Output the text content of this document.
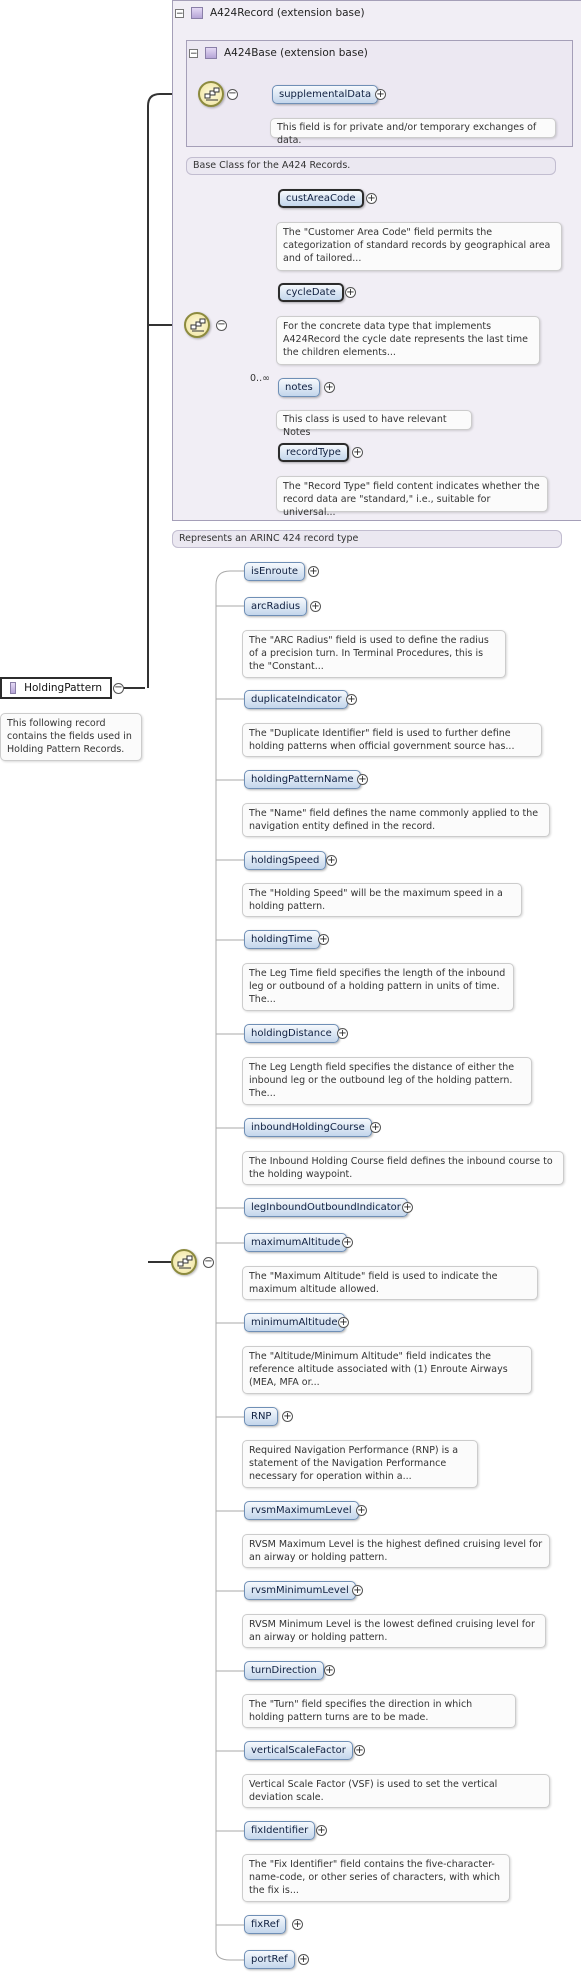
HoldingPattern −
This following record contains the fields used in Holding Pattern Records.
−	A424Record (extension base)
−	A424Base (extension base)
−	supplementalData +
This field is for private and/or temporary exchanges of data.
Base Class for the A424 Records.
−
custAreaCode	+
The "Customer Area Code" field permits the categorization of standard records by geographical area and of tailored...
cycleDate	+
For the concrete data type that implements A424Record the cycle date represents the last time the children elements...
0..∞
notes	+
This class is used to have relevant Notes
recordType	+
The "Record Type" field content indicates whether the record data are "standard," i.e., suitable for universal...
Represents an ARINC 424 record type
−
isEnroute	+
arcRadius	+
The "ARC Radius" field is used to define the radius of a precision turn. In Terminal Procedures, this is the "Constant...
duplicateIndicator +
The "Duplicate Identifier" field is used to further define holding patterns when official government source has...
holdingPatternName +
The "Name" field defines the name commonly applied to the navigation entity defined in the record.
holdingSpeed +
The "Holding Speed" will be the maximum speed in a holding pattern.
holdingTime +
The Leg Time field specifies the length of the inbound leg or outbound of a holding pattern in units of time. The...
holdingDistance +
The Leg Length field specifies the distance of either the inbound leg or the outbound leg of the holding pattern. The...
inboundHoldingCourse +
The Inbound Holding Course field defines the inbound course to the holding waypoint.
legInboundOutboundIndicator +
maximumAltitude +
The "Maximum Altitude" field is used to indicate the maximum altitude allowed.
minimumAltitude +
The "Altitude/Minimum Altitude" field indicates the reference altitude associated with (1) Enroute Airways (MEA, MFA or...
RNP	+
Required Navigation Performance (RNP) is a statement of the Navigation Performance necessary for operation within a...
rvsmMaximumLevel +
RVSM Maximum Level is the highest defined cruising level for an airway or holding pattern.
rvsmMinimumLevel +
RVSM Minimum Level is the lowest defined cruising level for an airway or holding pattern.
turnDirection +
The "Turn" field specifies the direction in which holding pattern turns are to be made.
verticalScaleFactor +
Vertical Scale Factor (VSF) is used to set the vertical deviation scale.
fixIdentifier +
The "Fix Identifier" field contains the five-character-name-code, or other series of characters, with which the fix is...
fixRef	+
portRef	+
